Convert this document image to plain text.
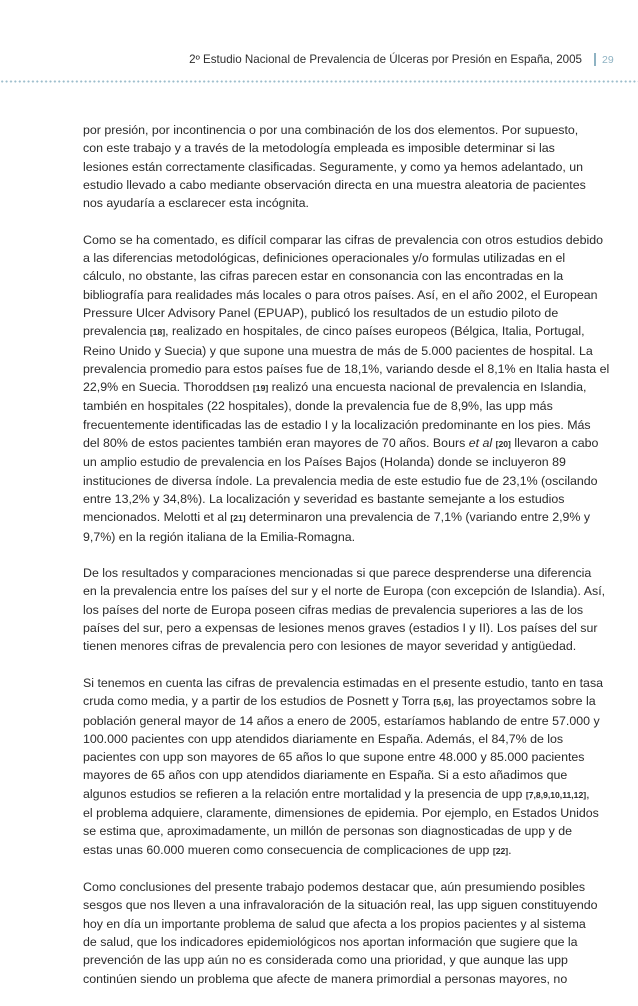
2º Estudio Nacional de Prevalencia de Úlceras por Presión en España, 2005 29

por presión, por incontinencia o por una combinación de los dos elementos. Por supuesto,
con este trabajo y a través de la metodología empleada es imposible determinar si las
lesiones están correctamente clasificadas. Seguramente, y como ya hemos adelantado, un
estudio llevado a cabo mediante observación directa en una muestra aleatoria de pacientes
nos ayudaría a esclarecer esta incógnita.

Como se ha comentado, es difícil comparar las cifras de prevalencia con otros estudios debido
a las diferencias metodológicas, definiciones operacionales y/o formulas utilizadas en el
cálculo, no obstante, las cifras parecen estar en consonancia con las encontradas en la
bibliografía para realidades más locales o para otros países. Así, en el año 2002, el European
Pressure Ulcer Advisory Panel (EPUAP), publicó los resultados de un estudio piloto de
prevalencia [18], realizado en hospitales, de cinco países europeos (Bélgica, Italia, Portugal,
Reino Unido y Suecia) y que supone una muestra de más de 5.000 pacientes de hospital. La
prevalencia promedio para estos países fue de 18,1%, variando desde el 8,1% en Italia hasta el
22,9% en Suecia. Thoroddsen [19] realizó una encuesta nacional de prevalencia en Islandia,
también en hospitales (22 hospitales), donde la prevalencia fue de 8,9%, las upp más
frecuentemente identificadas las de estadio I y la localización predominante en los pies. Más
del 80% de estos pacientes también eran mayores de 70 años. Bours et al [20] llevaron a cabo
un amplio estudio de prevalencia en los Países Bajos (Holanda) donde se incluyeron 89
instituciones de diversa índole. La prevalencia media de este estudio fue de 23,1% (oscilando
entre 13,2% y 34,8%). La localización y severidad es bastante semejante a los estudios
mencionados. Melotti et al [21] determinaron una prevalencia de 7,1% (variando entre 2,9% y
9,7%) en la región italiana de la Emilia-Romagna.

De los resultados y comparaciones mencionadas si que parece desprenderse una diferencia
en la prevalencia entre los países del sur y el norte de Europa (con excepción de Islandia). Así,
los países del norte de Europa poseen cifras medias de prevalencia superiores a las de los
países del sur, pero a expensas de lesiones menos graves (estadios I y II). Los países del sur
tienen menores cifras de prevalencia pero con lesiones de mayor severidad y antigüedad.

Si tenemos en cuenta las cifras de prevalencia estimadas en el presente estudio, tanto en tasa
cruda como media, y a partir de los estudios de Posnett y Torra [5,6], las proyectamos sobre la
población general mayor de 14 años a enero de 2005, estaríamos hablando de entre 57.000 y
100.000 pacientes con upp atendidos diariamente en España. Además, el 84,7% de los
pacientes con upp son mayores de 65 años lo que supone entre 48.000 y 85.000 pacientes
mayores de 65 años con upp atendidos diariamente en España. Si a esto añadimos que
algunos estudios se refieren a la relación entre mortalidad y la presencia de upp [7,8,9,10,11,12],
el problema adquiere, claramente, dimensiones de epidemia. Por ejemplo, en Estados Unidos
se estima que, aproximadamente, un millón de personas son diagnosticadas de upp y de
estas unas 60.000 mueren como consecuencia de complicaciones de upp [22].

Como conclusiones del presente trabajo podemos destacar que, aún presumiendo posibles
sesgos que nos lleven a una infravaloración de la situación real, las upp siguen constituyendo
hoy en día un importante problema de salud que afecta a los propios pacientes y al sistema
de salud, que los indicadores epidemiológicos nos aportan información que sugiere que la
prevención de las upp aún no es considerada como una prioridad, y que aunque las upp
continúen siendo un problema que afecte de manera primordial a personas mayores, no
